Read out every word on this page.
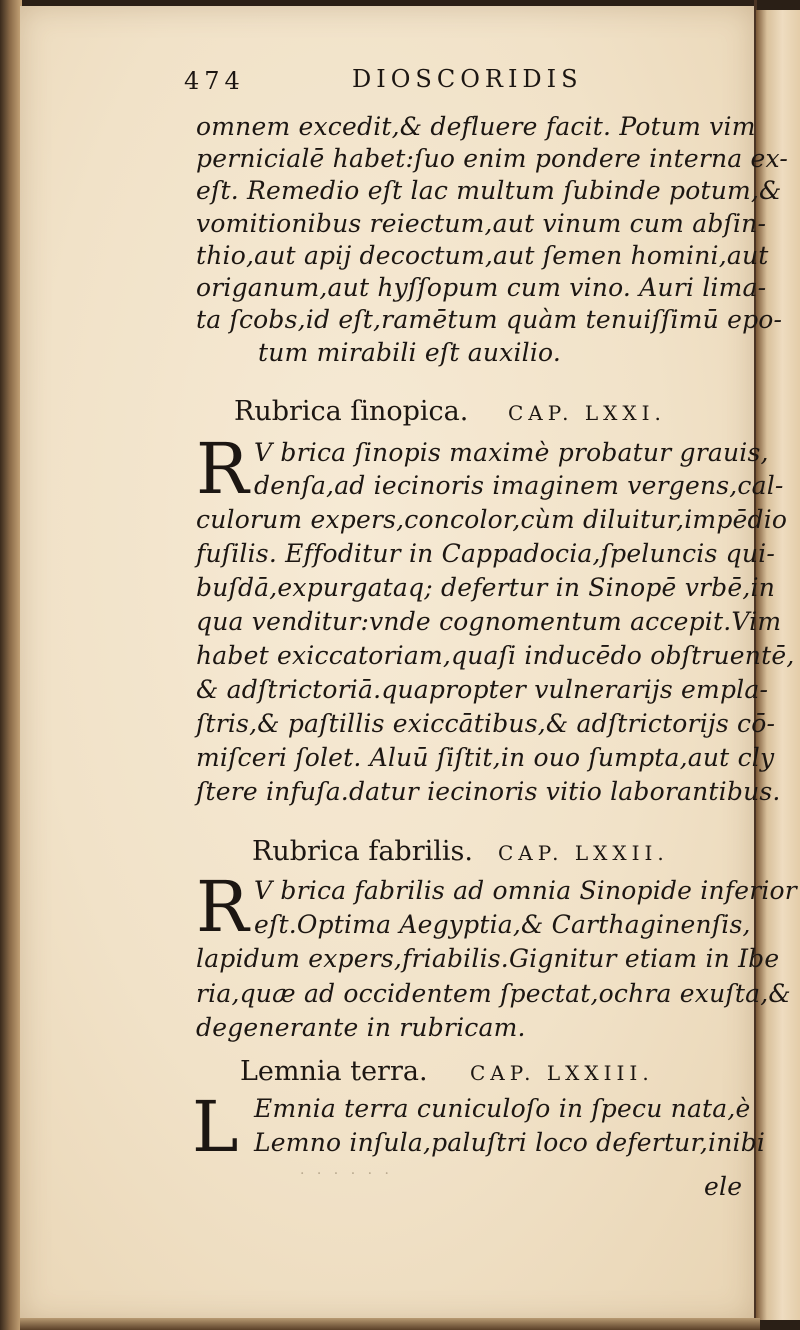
474	DIOSCORIDIS
omnem excedit,& defluere facit. Potum vim
pernicialē habet:ſuo enim pondere interna ex-
eſt. Remedio eſt lac multum ſubinde potum,&
vomitionibus reiectum,aut vinum cum abſin-
thio,aut apij decoctum,aut ſemen homini,aut
origanum,aut hyſſopum cum vino. Auri lima-
ta ſcobs,id eſt,ramētum quàm tenuiſſimū epo-
tum mirabili eſt auxilio.
Rubrica ſinopica. CAP. LXXI.
R V brica ſinopis maximè probatur grauis,
denſa,ad iecinoris imaginem vergens,cal-
culorum expers,concolor,cùm diluitur,impēdio
fuſilis. Effoditur in Cappadocia,ſpeluncis qui-
buſdā,expurgataq; defertur in Sinopē vrbē,in
qua venditur:vnde cognomentum accepit.Vim
habet exiccatoriam,quaſi inducēdo obſtruentē,
& adſtrictoriā.quapropter vulnerarijs empla-
ſtris,& paſtillis exiccātibus,& adſtrictorijs cō-
miſceri ſolet. Aluū ſiſtit,in ouo ſumpta,aut cly
ſtere infuſa.datur iecinoris vitio laborantibus.
Rubrica fabrilis. CAP. LXXII.
R V brica fabrilis ad omnia Sinopide inferior
eſt.Optima Aegyptia,& Carthaginenſis,
lapidum expers,friabilis.Gignitur etiam in Ibe
ria,quæ ad occidentem ſpectat,ochra exuſta,&
degenerante in rubricam.
Lemnia terra. CAP. LXXIII.
L Emnia terra cuniculoſo in ſpecu nata,è
Lemno inſula,paluſtri loco defertur,inibi
· · · · · ·	ele
